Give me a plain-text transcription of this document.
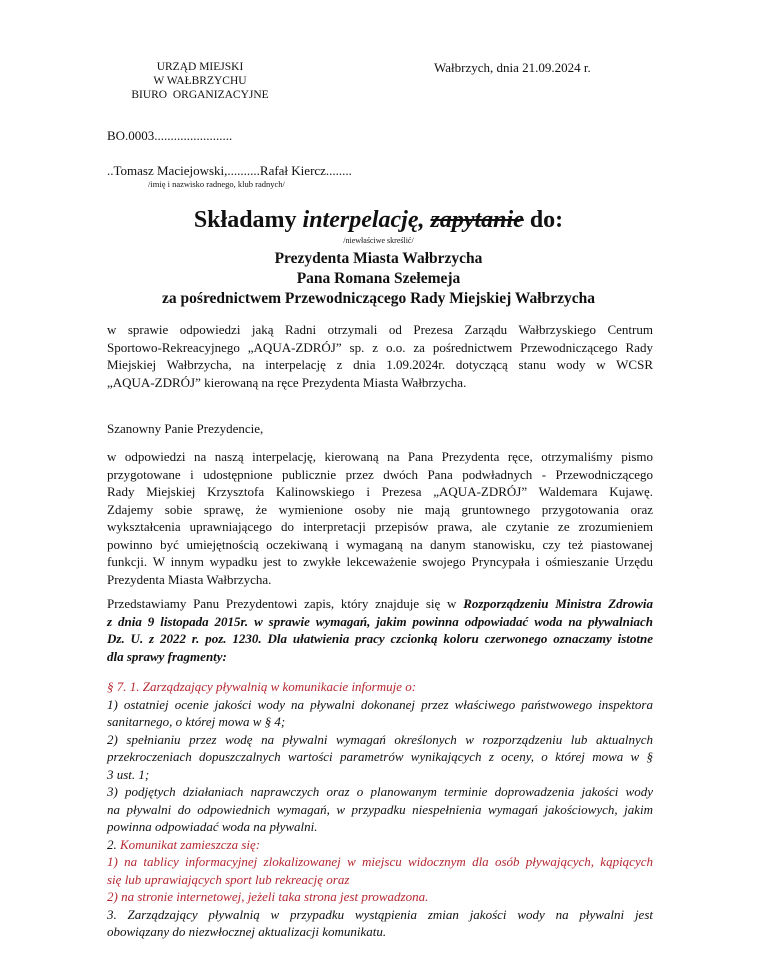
URZĄD MIEJSKI
W WAŁBRZYCHU
BIURO  ORGANIZACYJNE
Wałbrzych, dnia 21.09.2024 r.
BO.0003........................
..Tomasz Maciejowski,..........Rafał Kiercz........
/imię i nazwisko radnego, klub radnych/
Składamy interpelację, zapytanie do:
/niewłaściwe skreślić/
Prezydenta Miasta Wałbrzycha
Pana Romana Szełemeja
za pośrednictwem Przewodniczącego Rady Miejskiej Wałbrzycha
w sprawie odpowiedzi jaką Radni otrzymali od Prezesa Zarządu Wałbrzyskiego Centrum
Sportowo-Rekreacyjnego „AQUA-ZDRÓJ” sp. z o.o. za pośrednictwem Przewodniczącego Rady
Miejskiej Wałbrzycha, na interpelację z dnia 1.09.2024r. dotyczącą stanu wody w WCSR
„AQUA-ZDRÓJ” kierowaną na ręce Prezydenta Miasta Wałbrzycha.
Szanowny Panie Prezydencie,
w odpowiedzi na naszą interpelację, kierowaną na Pana Prezydenta ręce, otrzymaliśmy pismo
przygotowane i udostępnione publicznie przez dwóch Pana podwładnych - Przewodniczącego
Rady Miejskiej Krzysztofa Kalinowskiego i Prezesa „AQUA-ZDRÓJ” Waldemara Kujawę.
Zdajemy sobie sprawę, że wymienione osoby nie mają gruntownego przygotowania oraz
wykształcenia uprawniającego do interpretacji przepisów prawa, ale czytanie ze zrozumieniem
powinno być umiejętnością oczekiwaną i wymaganą na danym stanowisku, czy też piastowanej
funkcji. W innym wypadku jest to zwykłe lekceważenie swojego Pryncypała i ośmieszanie Urzędu
Prezydenta Miasta Wałbrzycha.
Przedstawiamy Panu Prezydentowi zapis, który znajduje się w Rozporządzeniu Ministra Zdrowia
z dnia 9 listopada 2015r. w sprawie wymagań, jakim powinna odpowiadać woda na pływalniach
Dz. U. z 2022 r. poz. 1230. Dla ułatwienia pracy czcionką koloru czerwonego oznaczamy istotne
dla sprawy fragmenty:
§ 7. 1. Zarządzający pływalnią w komunikacie informuje o:
1) ostatniej ocenie jakości wody na pływalni dokonanej przez właściwego państwowego inspektora
sanitarnego, o której mowa w § 4;
2) spełnianiu przez wodę na pływalni wymagań określonych w rozporządzeniu lub aktualnych
przekroczeniach dopuszczalnych wartości parametrów wynikających z oceny, o której mowa w §
3 ust. 1;
3) podjętych działaniach naprawczych oraz o planowanym terminie doprowadzenia jakości wody
na pływalni do odpowiednich wymagań, w przypadku niespełnienia wymagań jakościowych, jakim
powinna odpowiadać woda na pływalni.
2. Komunikat zamieszcza się:
1) na tablicy informacyjnej zlokalizowanej w miejscu widocznym dla osób pływających, kąpiących
się lub uprawiających sport lub rekreację oraz
2) na stronie internetowej, jeżeli taka strona jest prowadzona.
3. Zarządzający pływalnią w przypadku wystąpienia zmian jakości wody na pływalni jest
obowiązany do niezwłocznej aktualizacji komunikatu.
